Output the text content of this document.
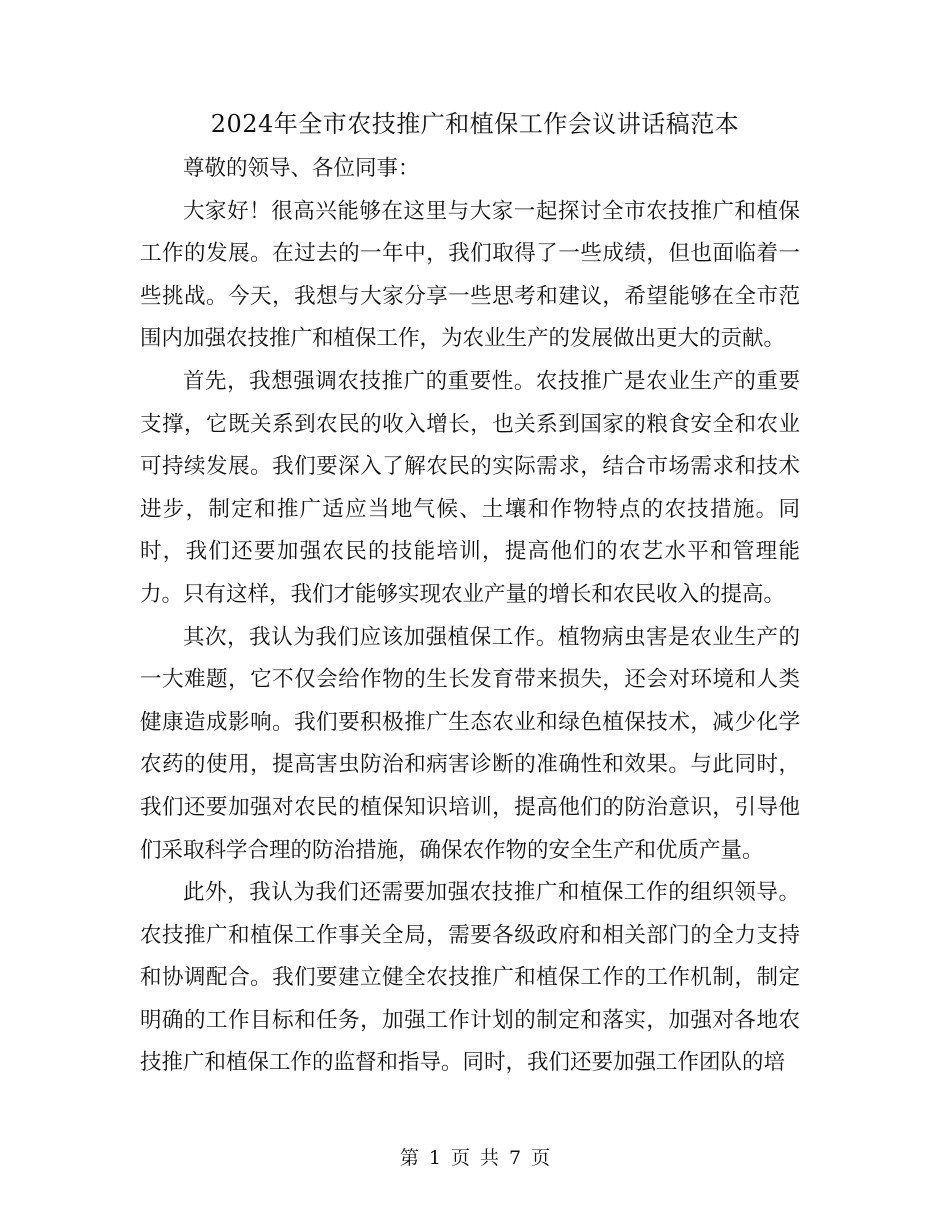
2024年全市农技推广和植保工作会议讲话稿范本

尊敬的领导、各位同事：

大家好！很高兴能够在这里与大家一起探讨全市农技推广和植保工作的发展。在过去的一年中，我们取得了一些成绩，但也面临着一些挑战。今天，我想与大家分享一些思考和建议，希望能够在全市范围内加强农技推广和植保工作，为农业生产的发展做出更大的贡献。

首先，我想强调农技推广的重要性。农技推广是农业生产的重要支撑，它既关系到农民的收入增长，也关系到国家的粮食安全和农业可持续发展。我们要深入了解农民的实际需求，结合市场需求和技术进步，制定和推广适应当地气候、土壤和作物特点的农技措施。同时，我们还要加强农民的技能培训，提高他们的农艺水平和管理能力。只有这样，我们才能够实现农业产量的增长和农民收入的提高。

其次，我认为我们应该加强植保工作。植物病虫害是农业生产的一大难题，它不仅会给作物的生长发育带来损失，还会对环境和人类健康造成影响。我们要积极推广生态农业和绿色植保技术，减少化学农药的使用，提高害虫防治和病害诊断的准确性和效果。与此同时，我们还要加强对农民的植保知识培训，提高他们的防治意识，引导他们采取科学合理的防治措施，确保农作物的安全生产和优质产量。

此外，我认为我们还需要加强农技推广和植保工作的组织领导。农技推广和植保工作事关全局，需要各级政府和相关部门的全力支持和协调配合。我们要建立健全农技推广和植保工作的工作机制，制定明确的工作目标和任务，加强工作计划的制定和落实，加强对各地农技推广和植保工作的监督和指导。同时，我们还要加强工作团队的培

第 1 页 共 7 页
